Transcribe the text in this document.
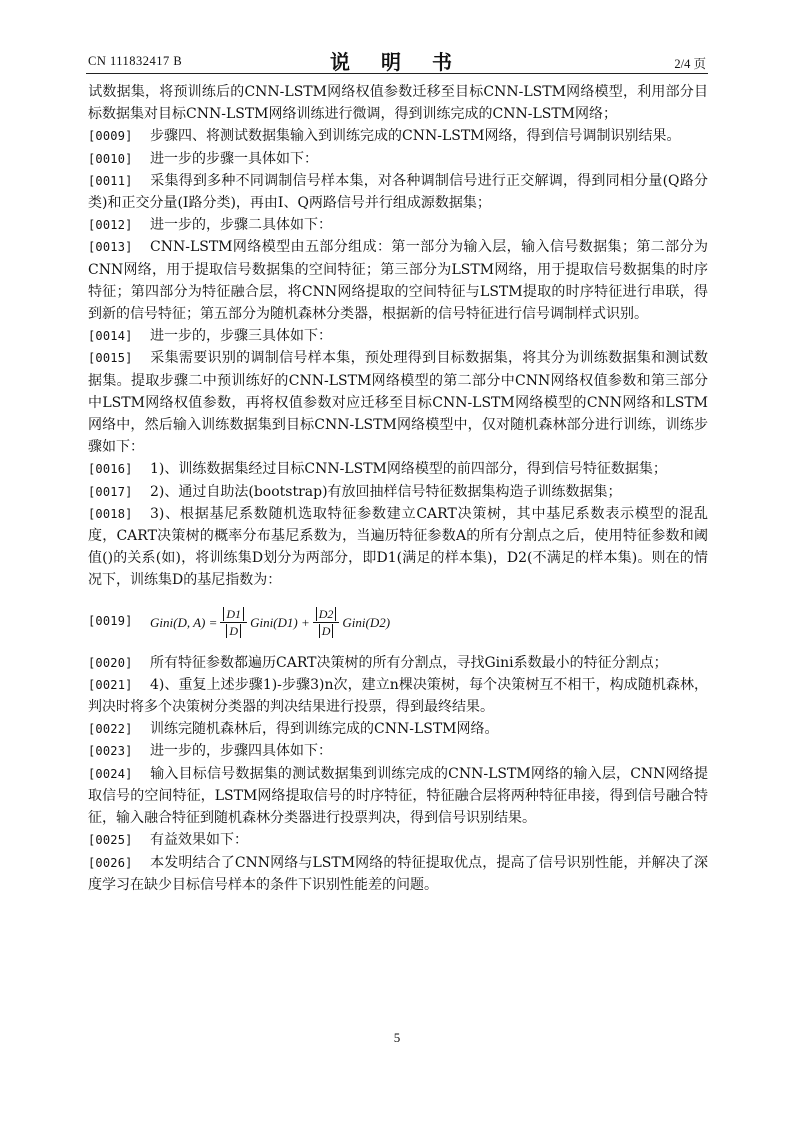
CN 111832417 B	说 明 书	2/4 页

试数据集，将预训练后的CNN-LSTM网络权值参数迁移至目标CNN-LSTM网络模型，利用部分目标数据集对目标CNN-LSTM网络训练进行微调，得到训练完成的CNN-LSTM网络；

[0009] 步骤四、将测试数据集输入到训练完成的CNN-LSTM网络，得到信号调制识别结果。

[0010] 进一步的步骤一具体如下：

[0011] 采集得到多种不同调制信号样本集，对各种调制信号进行正交解调，得到同相分量(Q路分类)和正交分量(I路分类)，再由I、Q两路信号并行组成源数据集；

[0012] 进一步的，步骤二具体如下：

[0013] CNN-LSTM网络模型由五部分组成：第一部分为输入层，输入信号数据集；第二部分为CNN网络，用于提取信号数据集的空间特征；第三部分为LSTM网络，用于提取信号数据集的时序特征；第四部分为特征融合层，将CNN网络提取的空间特征与LSTM提取的时序特征进行串联，得到新的信号特征；第五部分为随机森林分类器，根据新的信号特征进行信号调制样式识别。

[0014] 进一步的，步骤三具体如下：

[0015] 采集需要识别的调制信号样本集，预处理得到目标数据集，将其分为训练数据集和测试数据集。提取步骤二中预训练好的CNN-LSTM网络模型的第二部分中CNN网络权值参数和第三部分中LSTM网络权值参数，再将权值参数对应迁移至目标CNN-LSTM网络模型的CNN网络和LSTM网络中，然后输入训练数据集到目标CNN-LSTM网络模型中，仅对随机森林部分进行训练，训练步骤如下：

[0016] 1)、训练数据集经过目标CNN-LSTM网络模型的前四部分，得到信号特征数据集；

[0017] 2)、通过自助法(bootstrap)有放回抽样信号特征数据集构造子训练数据集；

[0018] 3)、根据基尼系数随机选取特征参数建立CART决策树，其中基尼系数表示模型的混乱度，CART决策树的概率分布基尼系数为，当遍历特征参数A的所有分割点之后，使用特征参数和阈值()的关系(如)，将训练集D划分为两部分，即D1(满足的样本集)，D2(不满足的样本集)。则在的情况下，训练集D的基尼指数为：

[0019]	Gini(D, $A) = \frac{D1}{D}$ Gini(D1) + $\frac{D2}{D}$ Gini(D2)

[0020] 所有特征参数都遍历CART决策树的所有分割点，寻找Gini系数最小的特征分割点；

[0021] 4)、重复上述步骤1)-步骤3)n次，建立n棵决策树，每个决策树互不相干，构成随机森林，判决时将多个决策树分类器的判决结果进行投票，得到最终结果。

[0022] 训练完随机森林后，得到训练完成的CNN-LSTM网络。

[0023] 进一步的，步骤四具体如下：

[0024] 输入目标信号数据集的测试数据集到训练完成的CNN-LSTM网络的输入层，CNN网络提取信号的空间特征，LSTM网络提取信号的时序特征，特征融合层将两种特征串接，得到信号融合特征，输入融合特征到随机森林分类器进行投票判决，得到信号识别结果。

[0025] 有益效果如下：

[0026] 本发明结合了CNN网络与LSTM网络的特征提取优点，提高了信号识别性能，并解决了深度学习在缺少目标信号样本的条件下识别性能差的问题。

5
